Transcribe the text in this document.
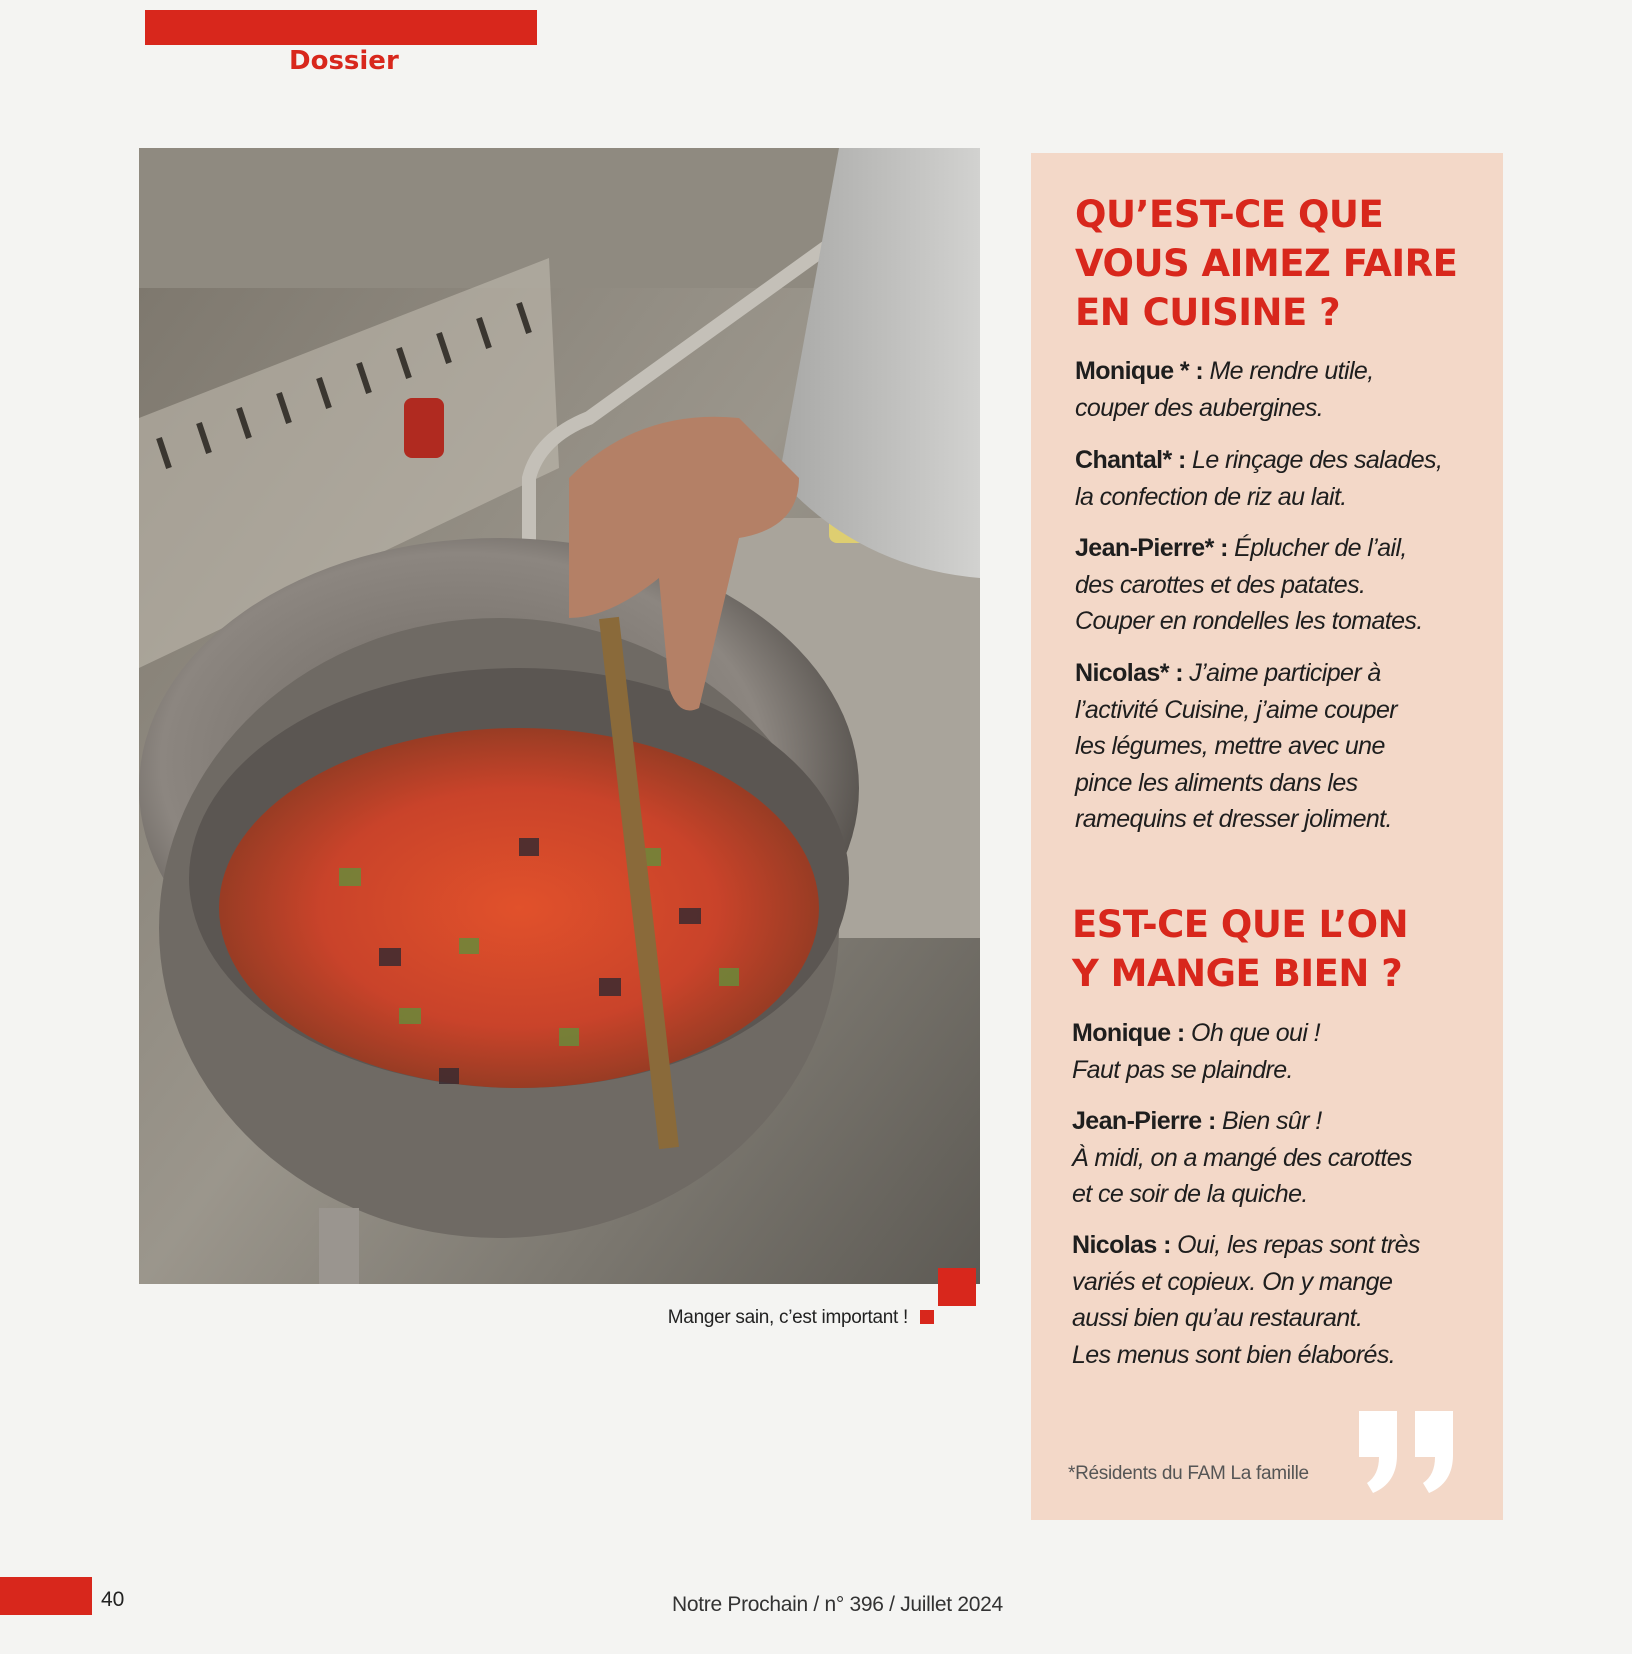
Dossier
Manger sain, c’est important !
QU’EST-CE QUE
VOUS AIMEZ FAIRE
EN CUISINE ?
Monique * : Me rendre utile,
couper des aubergines.
Chantal* : Le rinçage des salades,
la confection de riz au lait.
Jean-Pierre* : Éplucher de l’ail,
des carottes et des patates.
Couper en rondelles les tomates.
Nicolas* : J’aime participer à
l’activité Cuisine, j’aime couper
les légumes, mettre avec une
pince les aliments dans les
ramequins et dresser joliment.
EST-CE QUE L’ON
Y MANGE BIEN ?
Monique : Oh que oui !
Faut pas se plaindre.
Jean-Pierre : Bien sûr !
À midi, on a mangé des carottes
et ce soir de la quiche.
Nicolas : Oui, les repas sont très
variés et copieux. On y mange
aussi bien qu’au restaurant.
Les menus sont bien élaborés.
*Résidents du FAM La famille
40	Notre Prochain / n° 396 / Juillet 2024
